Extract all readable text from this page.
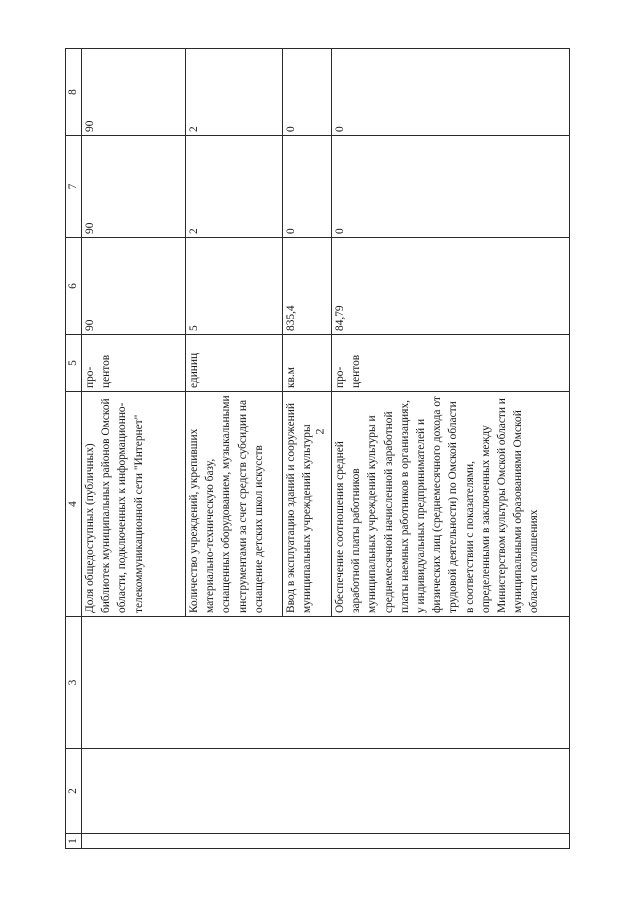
2
1	2	3	4	5	6	7	8
			Доля общедоступных (публичных) библиотек муниципальных районов Омской области, подключенных к информационно-телекоммуникационной сети "Интернет"	про-центов	90	90	90
			Количество учреждений, укрепивших материально-техническую базу, оснащенных оборудованием, музыкальными инструментами за счет средств субсидии на оснащение детских школ искусств	единиц	5	2	2
			Ввод в эксплуатацию зданий и сооружений муниципальных учреждений культуры	кв.м	835,4	0	0
			Обеспечение соотношения средней заработной платы работников муниципальных учреждений культуры и среднемесячной начисленной заработной платы наемных работников в организациях, у индивидуальных предпринимателей и физических лиц (среднемесячного дохода от трудовой деятельности) по Омской области в соответствии с показателями, определенными в заключенных между Министерством культуры Омской области и муниципальными образованиями Омской области соглашениях	про-центов	84,79	0	0
